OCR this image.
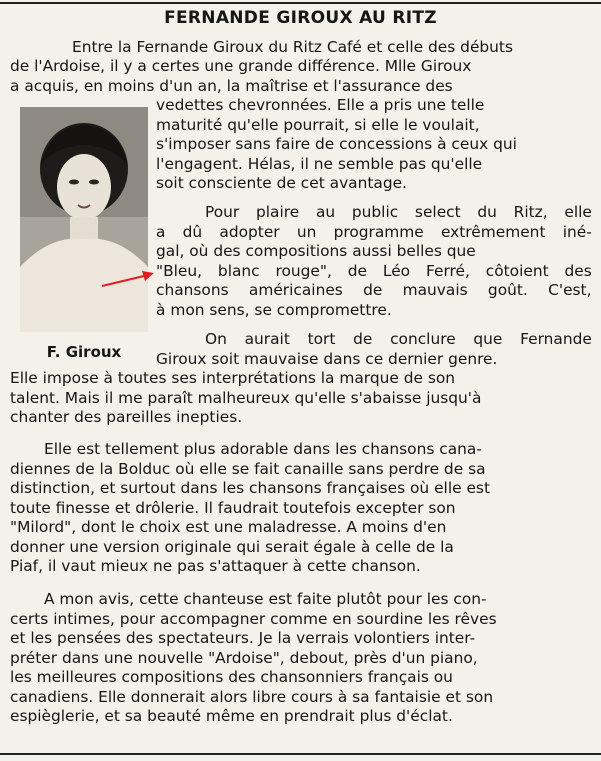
FERNANDE GIROUX AU RITZ
F. Giroux
Entre la Fernande Giroux du Ritz Café et celle des débuts
de l'Ardoise, il y a certes une grande différence. Mlle Giroux
a acquis, en moins d'un an, la maîtrise et l'assurance des
vedettes chevronnées. Elle a pris une telle
maturité qu'elle pourrait, si elle le voulait,
s'imposer sans faire de concessions à ceux qui
l'engagent. Hélas, il ne semble pas qu'elle
soit consciente de cet avantage.
Pour plaire au public select du Ritz, elle
a dû adopter un programme extrêmement iné-
gal, où des compositions aussi belles que
"Bleu, blanc rouge", de Léo Ferré, côtoient des
chansons américaines de mauvais goût. C'est,
à mon sens, se compromettre.
On aurait tort de conclure que Fernande
Giroux soit mauvaise dans ce dernier genre.
Elle impose à toutes ses interprétations la marque de son
talent. Mais il me paraît malheureux qu'elle s'abaisse jusqu'à
chanter des pareilles inepties.
Elle est tellement plus adorable dans les chansons cana-
diennes de la Bolduc où elle se fait canaille sans perdre de sa
distinction, et surtout dans les chansons françaises où elle est
toute finesse et drôlerie. Il faudrait toutefois excepter son
"Milord", dont le choix est une maladresse. A moins d'en
donner une version originale qui serait égale à celle de la
Piaf, il vaut mieux ne pas s'attaquer à cette chanson.
A mon avis, cette chanteuse est faite plutôt pour les con-
certs intimes, pour accompagner comme en sourdine les rêves
et les pensées des spectateurs. Je la verrais volontiers inter-
préter dans une nouvelle "Ardoise", debout, près d'un piano,
les meilleures compositions des chansonniers français ou
canadiens. Elle donnerait alors libre cours à sa fantaisie et son
espièglerie, et sa beauté même en prendrait plus d'éclat.
